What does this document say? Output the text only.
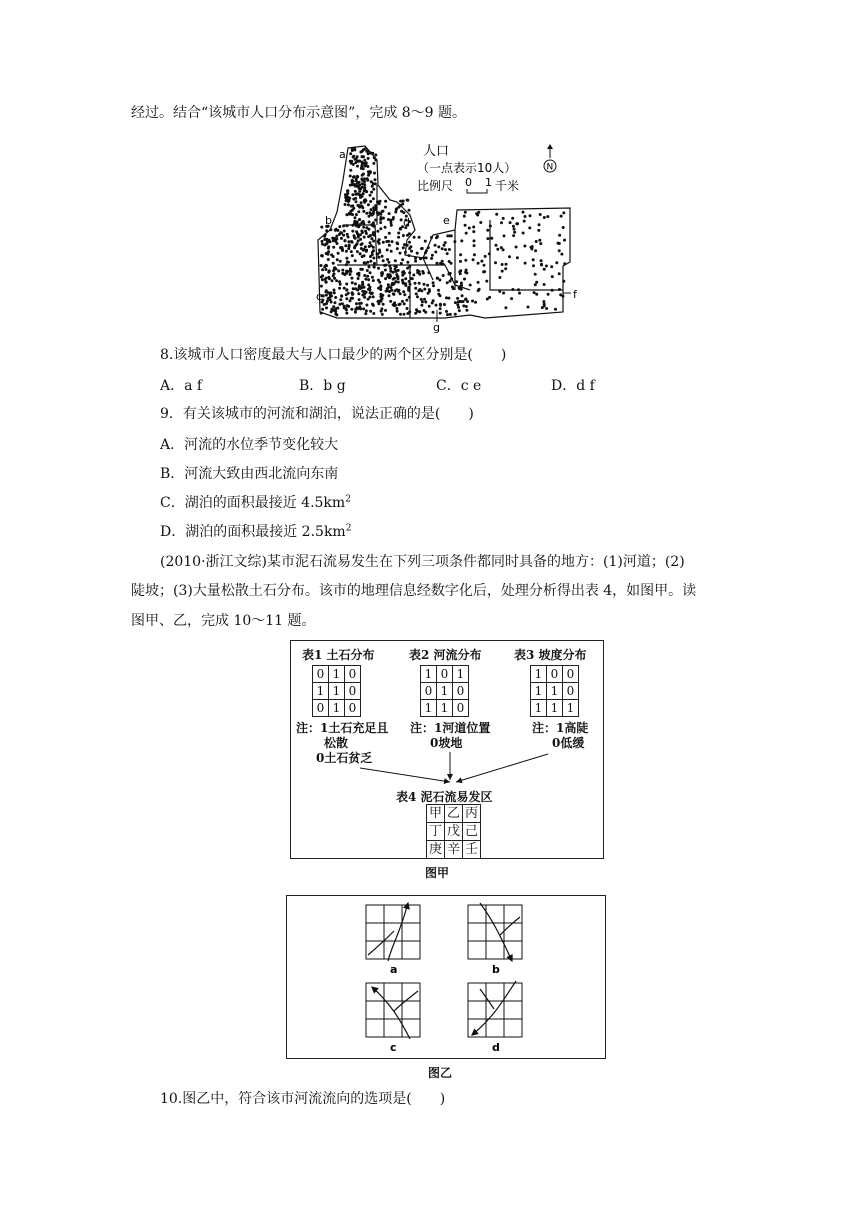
经过。结合“该城市人口分布示意图”，完成 8～9 题。
a
b
c
d	e
f
g
人口
（一点表示10人）
比例尺 0 1 千米
N
8.该城市人口密度最大与人口最少的两个区分别是(　　)
A．a f	B．b g	C．c e	D．d f
9．有关该城市的河流和湖泊，说法正确的是(　　)
A．河流的水位季节变化较大
B．河流大致由西北流向东南
C．湖泊的面积最接近 $4.5km^2$
D．湖泊的面积最接近 $2.5km^2$
(2010·浙江文综)某市泥石流易发生在下列三项条件都同时具备的地方：(1)河道；(2)
陡坡；(3)大量松散土石分布。该市的地理信息经数字化后，处理分析得出表 4，如图甲。读
图甲、乙，完成 10～11 题。
表1 土石分布
0	1	0
1	1	0
0	1	0
注：1土石充足且
松散
0土石贫乏
表2 河流分布
1	0	1
0	1	0
1	1	0
注：1河道位置
0坡地
表3 坡度分布
1	0	0
1	1	0
1	1	1
注：1高陡
0低缓
表4 泥石流易发区
甲	乙	丙
丁	戊	己
庚	辛	壬
图甲
a	b
c	d
图乙
10.图乙中，符合该市河流流向的选项是(　　)
